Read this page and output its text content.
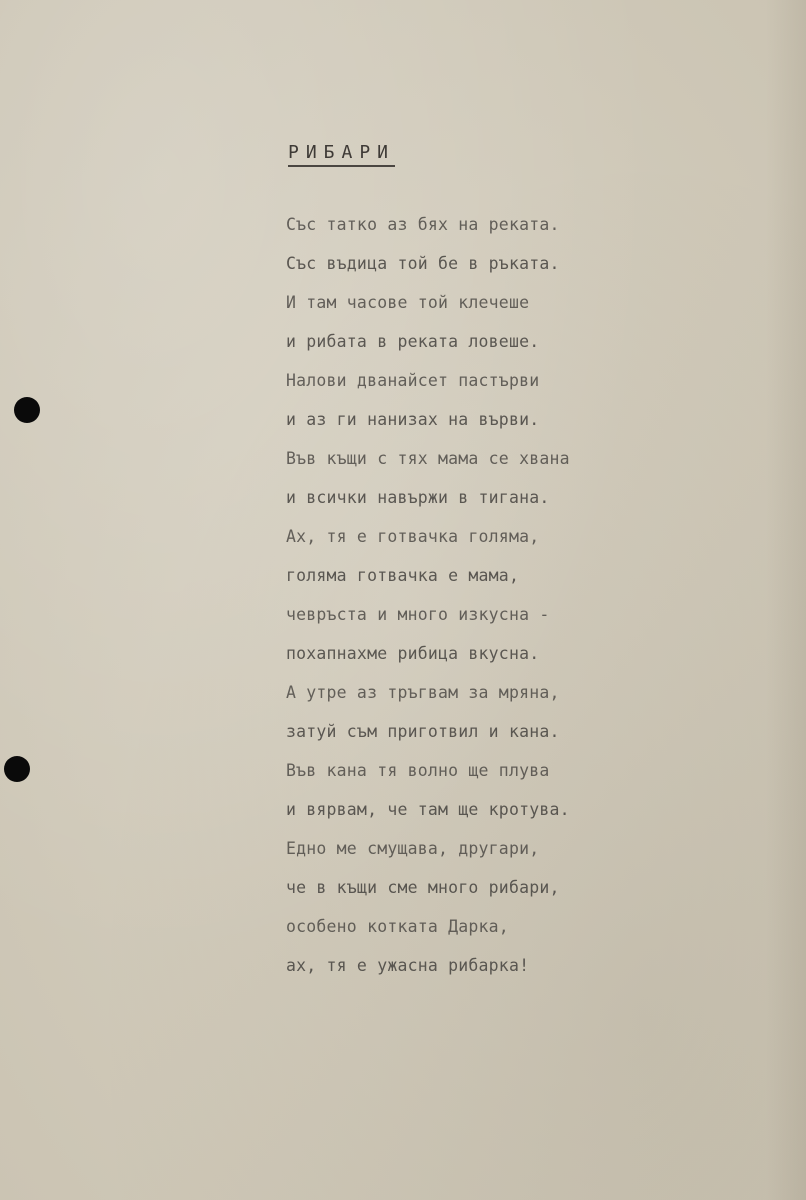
РИБАРИ
Със татко аз бях на реката.
Със въдица той бе в ръката.
И там часове той клечеше
и рибата в реката ловеше.
Налови дванайсет пастърви
и аз ги нанизах на върви.
Във къщи с тях мама се хвана
и всички навържи в тигана.
Ах, тя е готвачка голяма,
голяма готвачка е мама,
чевръста и много изкусна -
похапнахме рибица вкусна.
А утре аз тръгвам за мряна,
затуй съм приготвил и кана.
Във кана тя волно ще плува
и вярвам, че там ще кротува.
Едно ме смущава, другари,
че в къщи сме много рибари,
особено котката Дарка,
ах, тя е ужасна рибарка!
